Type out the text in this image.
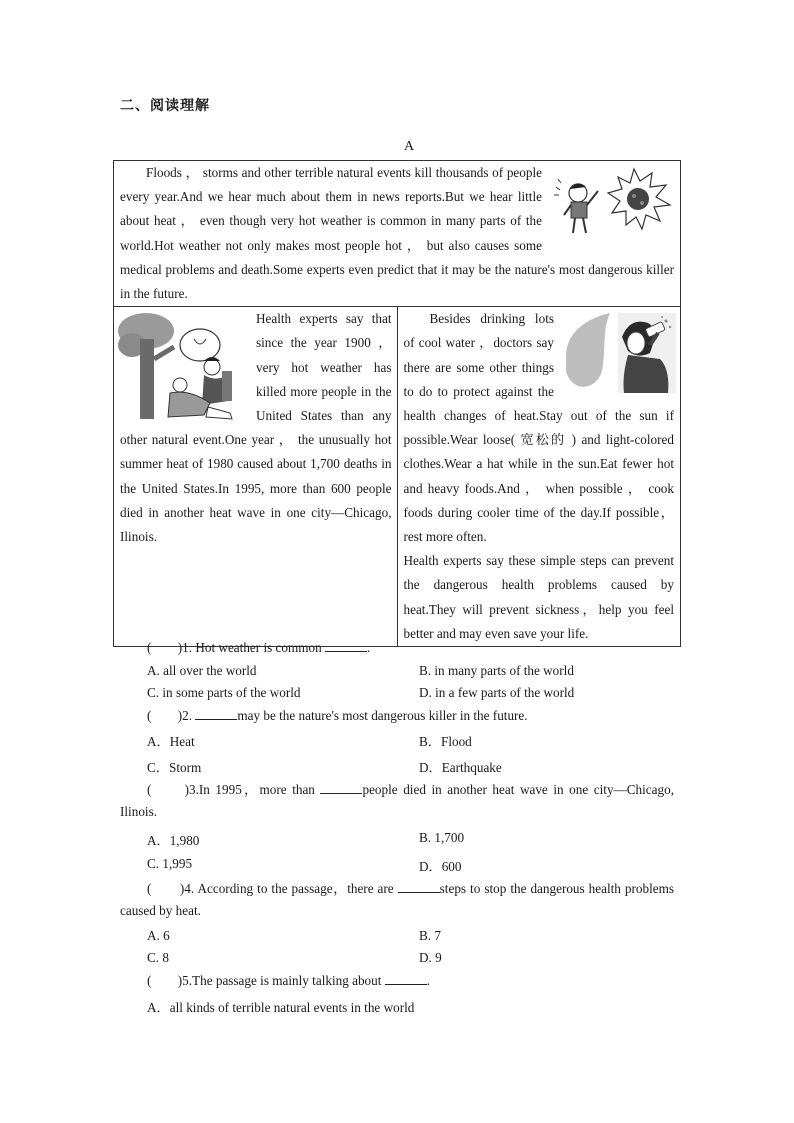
二、阅读理解
A

Floods ， storms and other terrible natural events kill thousands of people every year.And we hear much about them in news reports.But we hear little about heat ， even though very hot weather is common in many parts of the world.Hot weather not only makes most people hot ， but also causes some medical problems and death.Some experts even predict that it may be the nature's most dangerous killer in the future.

Health experts say that since the year 1900 ，very hot weather has killed more people in the United States than any other natural event.One year ， the unusually hot summer heat of 1980 caused about 1,700 deaths in the United States.In 1995, more than 600 people died in another heat wave in one city—Chicago, Ilinois.

Besides drinking lots of cool water ，doctors say there are some other things to do to protect against the health changes of heat.Stay out of the sun if possible.Wear loose( 宽松的 ) and light-colored clothes.Wear a hat while in the sun.Eat fewer hot and heavy foods.And ， when possible ， cook foods during cooler time of the day.If possible，rest more often.

Health experts say these simple steps can prevent the dangerous health problems caused by heat.They will prevent sickness，help you feel better and may even save your life.

(　　)1. Hot weather is common	.
A. all over the world	B. in many parts of the world
C. in some parts of the world	D. in a few parts of the world
(　　)2.	may be the nature's most dangerous killer in the future.
A．Heat	B．Flood
C．Storm	D．Earthquake
(　　)3.In 1995，more than	people died in another heat wave in one city—Chicago, Ilinois.
A．1,980	B. 1,700
C. 1,995	D．600
(　　)4. According to the passage，there are	steps to stop the dangerous health problems caused by heat.
A. 6	B. 7
C. 8	D. 9
(　　)5.The passage is mainly talking about	.
A．all kinds of terrible natural events in the world
